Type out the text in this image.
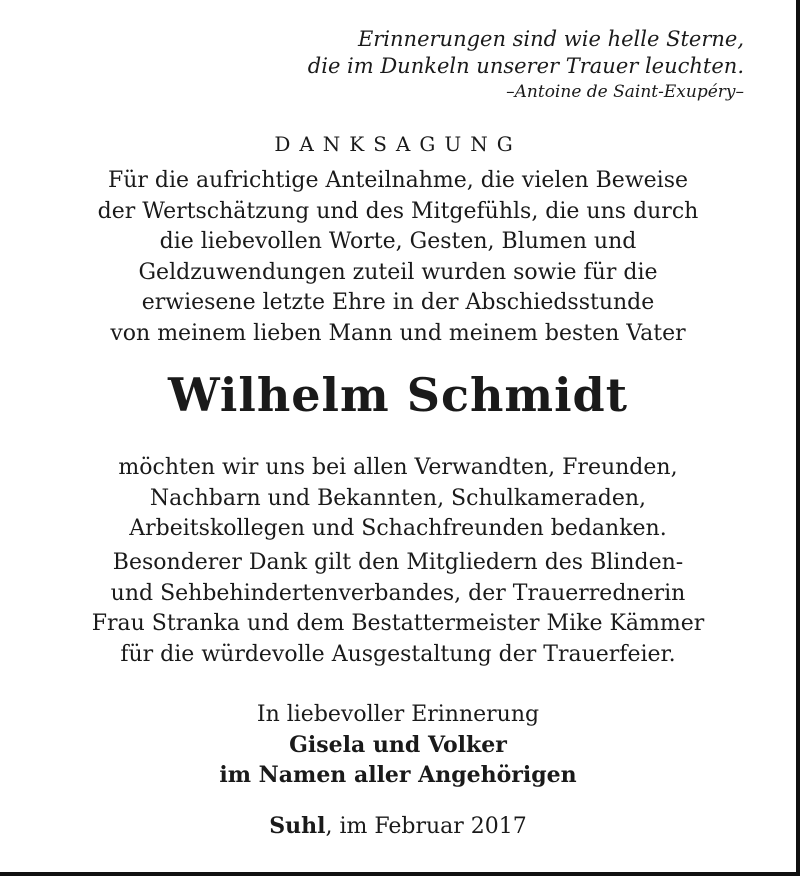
Erinnerungen sind wie helle Sterne,
die im Dunkeln unserer Trauer leuchten.
–Antoine de Saint-Exupéry–
DANKSAGUNG
Für die aufrichtige Anteilnahme, die vielen Beweise
der Wertschätzung und des Mitgefühls, die uns durch
die liebevollen Worte, Gesten, Blumen und
Geldzuwendungen zuteil wurden sowie für die
erwiesene letzte Ehre in der Abschiedsstunde
von meinem lieben Mann und meinem besten Vater
Wilhelm Schmidt
möchten wir uns bei allen Verwandten, Freunden,
Nachbarn und Bekannten, Schulkameraden,
Arbeitskollegen und Schachfreunden bedanken.
Besonderer Dank gilt den Mitgliedern des Blinden-
und Sehbehindertenverbandes, der Trauerrednerin
Frau Stranka und dem Bestattermeister Mike Kämmer
für die würdevolle Ausgestaltung der Trauerfeier.
In liebevoller Erinnerung
Gisela und Volker
im Namen aller Angehörigen
Suhl, im Februar 2017
